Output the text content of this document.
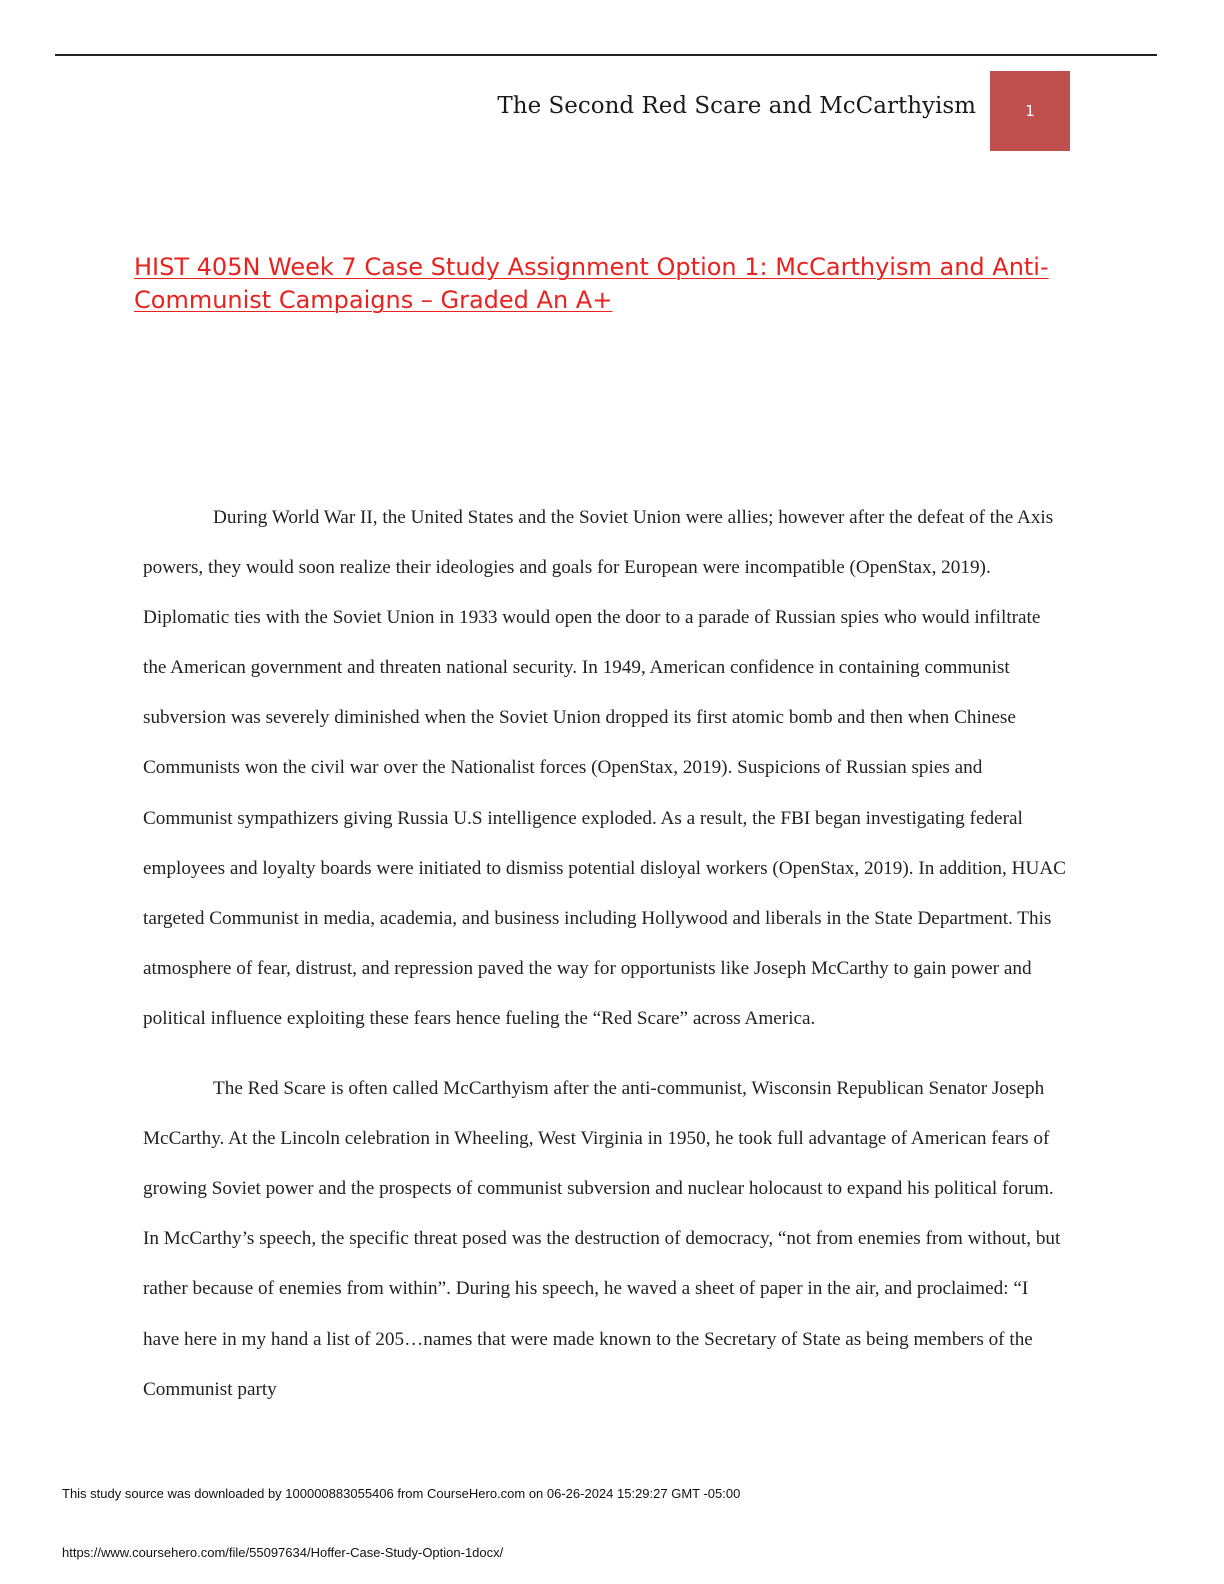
The Second Red Scare and McCarthyism	1
HIST 405N Week 7 Case Study Assignment Option 1: McCarthyism and Anti-Communist Campaigns – Graded An A+

During World War II, the United States and the Soviet Union were allies; however after the defeat of the Axis powers, they would soon realize their ideologies and goals for European were incompatible (OpenStax, 2019). Diplomatic ties with the Soviet Union in 1933 would open the door to a parade of Russian spies who would infiltrate the American government and threaten national security. In 1949, American confidence in containing communist subversion was severely diminished when the Soviet Union dropped its first atomic bomb and then when Chinese Communists won the civil war over the Nationalist forces (OpenStax, 2019). Suspicions of Russian spies and Communist sympathizers giving Russia U.S intelligence exploded. As a result, the FBI began investigating federal employees and loyalty boards were initiated to dismiss potential disloyal workers (OpenStax, 2019). In addition, HUAC targeted Communist in media, academia, and business including Hollywood and liberals in the State Department. This atmosphere of fear, distrust, and repression paved the way for opportunists like Joseph McCarthy to gain power and political influence exploiting these fears hence fueling the “Red Scare” across America.

The Red Scare is often called McCarthyism after the anti-communist, Wisconsin Republican Senator Joseph McCarthy. At the Lincoln celebration in Wheeling, West Virginia in 1950, he took full advantage of American fears of growing Soviet power and the prospects of communist subversion and nuclear holocaust to expand his political forum. In McCarthy’s speech, the specific threat posed was the destruction of democracy, “not from enemies from without, but rather because of enemies from within”. During his speech, he waved a sheet of paper in the air, and proclaimed: “I have here in my hand a list of 205…names that were made known to the Secretary of State as being members of the Communist party

This study source was downloaded by 100000883055406 from CourseHero.com on 06-26-2024 15:29:27 GMT -05:00
https://www.coursehero.com/file/55097634/Hoffer-Case-Study-Option-1docx/
